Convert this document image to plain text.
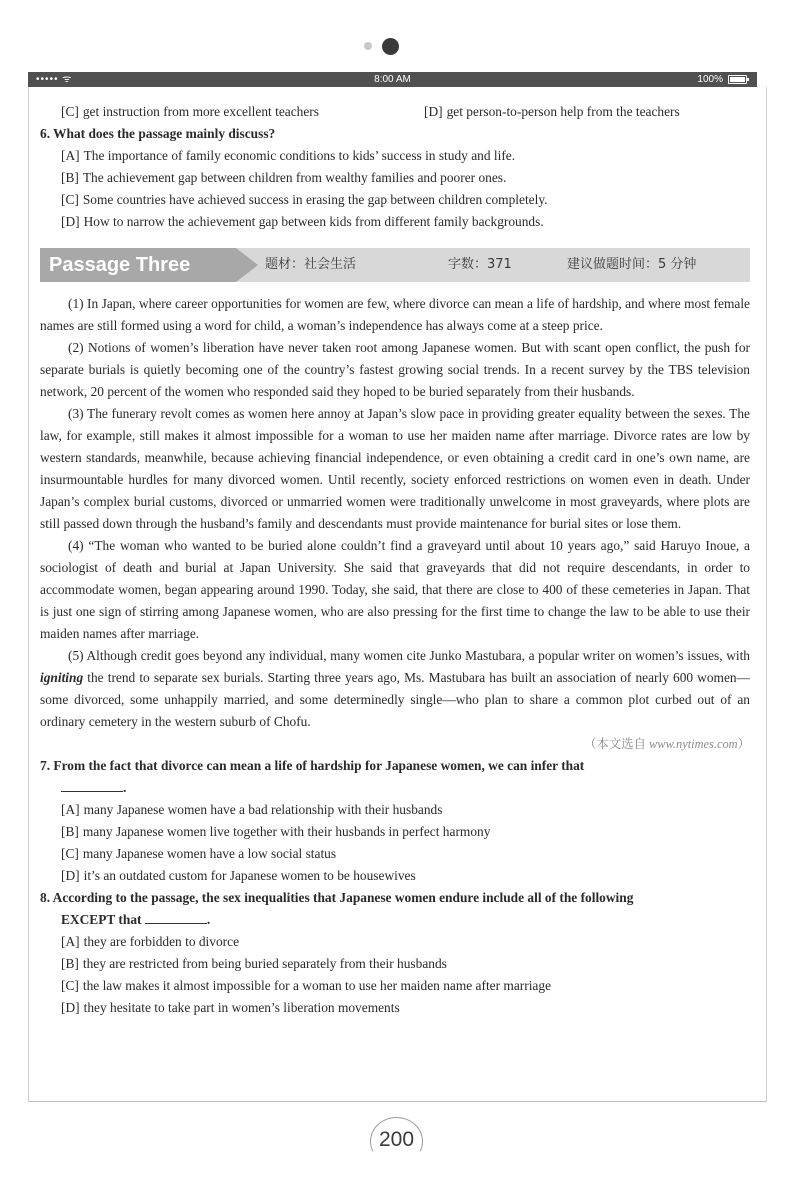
••••• ᯤ	8:00 AM	100%
[C] get instruction from more excellent teachers	[D] get person-to-person help from the teachers
6. What does the passage mainly discuss?
[A] The importance of family economic conditions to kids’ success in study and life.
[B] The achievement gap between children from wealthy families and poorer ones.
[C] Some countries have achieved success in erasing the gap between children completely.
[D] How to narrow the achievement gap between kids from different family backgrounds.
Passage Three	题材：社会生活	字数：371	建议做题时间：5 分钟
(1) In Japan, where career opportunities for women are few, where divorce can mean a life of hardship, and where most female names are still formed using a word for child, a woman’s independence has always come at a steep price.
(2) Notions of women’s liberation have never taken root among Japanese women. But with scant open conflict, the push for separate burials is quietly becoming one of the country’s fastest growing social trends. In a recent survey by the TBS television network, 20 percent of the women who responded said they hoped to be buried separately from their husbands.
(3) The funerary revolt comes as women here annoy at Japan’s slow pace in providing greater equality between the sexes. The law, for example, still makes it almost impossible for a woman to use her maiden name after marriage. Divorce rates are low by western standards, meanwhile, because achieving financial independence, or even obtaining a credit card in one’s own name, are insurmountable hurdles for many divorced women. Until recently, society enforced restrictions on women even in death. Under Japan’s complex burial customs, divorced or unmarried women were traditionally unwelcome in most graveyards, where plots are still passed down through the husband’s family and descendants must provide maintenance for burial sites or lose them.
(4) “The woman who wanted to be buried alone couldn’t find a graveyard until about 10 years ago,” said Haruyo Inoue, a sociologist of death and burial at Japan University. She said that graveyards that did not require descendants, in order to accommodate women, began appearing around 1990. Today, she said, that there are close to 400 of these cemeteries in Japan. That is just one sign of stirring among Japanese women, who are also pressing for the first time to change the law to be able to use their maiden names after marriage.
(5) Although credit goes beyond any individual, many women cite Junko Mastubara, a popular writer on women’s issues, with igniting the trend to separate sex burials. Starting three years ago, Ms. Mastubara has built an association of nearly 600 women—some divorced, some unhappily married, and some determinedly single—who plan to share a common plot curbed out of an ordinary cemetery in the western suburb of Chofu.
（本文选自 www.nytimes.com）
7. From the fact that divorce can mean a life of hardship for Japanese women, we can infer that
.
[A] many Japanese women have a bad relationship with their husbands
[B] many Japanese women live together with their husbands in perfect harmony
[C] many Japanese women have a low social status
[D] it’s an outdated custom for Japanese women to be housewives
8. According to the passage, the sex inequalities that Japanese women endure include all of the following
EXCEPT that	.
[A] they are forbidden to divorce
[B] they are restricted from being buried separately from their husbands
[C] the law makes it almost impossible for a woman to use her maiden name after marriage
[D] they hesitate to take part in women’s liberation movements
200
